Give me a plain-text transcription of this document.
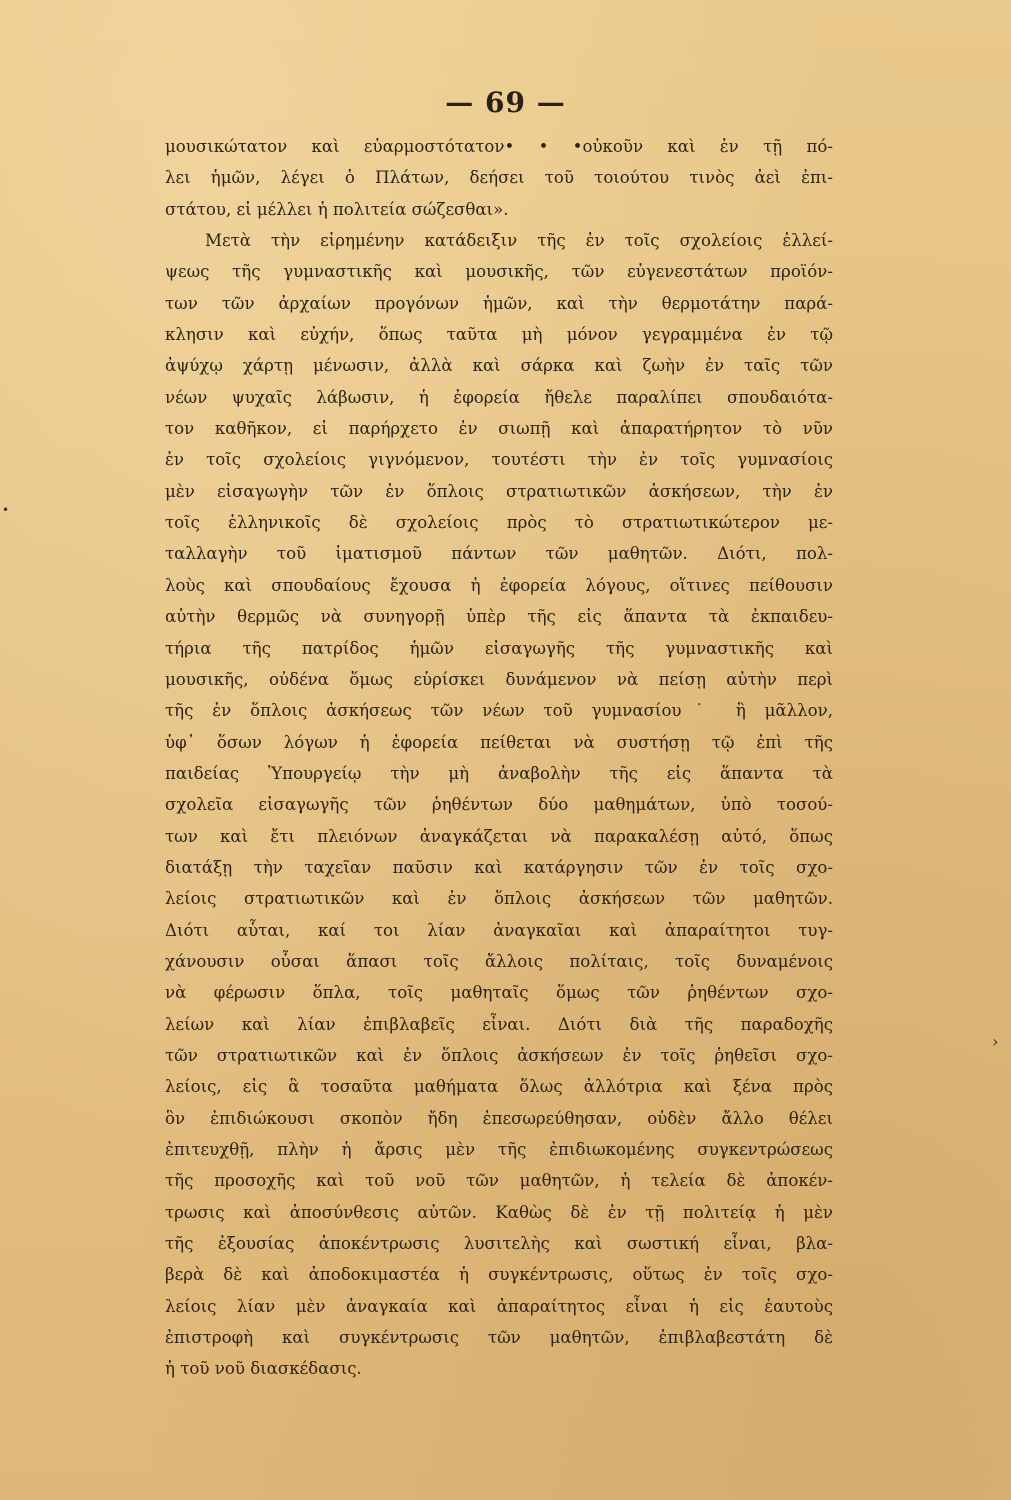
— 69 —
μουσικώτατον καὶ εὐαρμοστότατον• • •οὐκοῦν καὶ ἐν τῇ πό-
λει ἡμῶν, λέγει ὁ Πλάτων, δεήσει τοῦ τοιούτου τινὸς ἀεὶ ἐπι-
στάτου, εἰ μέλλει ἡ πολιτεία σώζεσθαι».
Μετὰ τὴν εἰρημένην κατάδειξιν τῆς ἐν τοῖς σχολείοις ἐλλεί-
ψεως τῆς γυμναστικῆς καὶ μουσικῆς, τῶν εὐγενεστάτων προϊόν-
των τῶν ἀρχαίων προγόνων ἡμῶν, καὶ τὴν θερμοτάτην παρά-
κλησιν καὶ εὐχήν, ὅπως ταῦτα μὴ μόνον γεγραμμένα ἐν τῷ
ἀψύχῳ χάρτῃ μένωσιν, ἀλλὰ καὶ σάρκα καὶ ζωὴν ἐν ταῖς τῶν
νέων ψυχαῖς λάβωσιν, ἡ ἐφορεία ἤθελε παραλίπει σπουδαιότα-
τον καθῆκον, εἰ παρήρχετο ἐν σιωπῇ καὶ ἀπαρατήρητον τὸ νῦν
ἐν τοῖς σχολείοις γιγνόμενον, τουτέστι τὴν ἐν τοῖς γυμνασίοις
μὲν εἰσαγωγὴν τῶν ἐν ὅπλοις στρατιωτικῶν ἀσκήσεων, τὴν ἐν
τοῖς ἑλληνικοῖς δὲ σχολείοις πρὸς τὸ στρατιωτικώτερον με-
ταλλαγὴν τοῦ ἱματισμοῦ πάντων τῶν μαθητῶν. Διότι, πολ-
λοὺς καὶ σπουδαίους ἔχουσα ἡ ἐφορεία λόγους, οἵτινες πείθουσιν
αὐτὴν θερμῶς νὰ συνηγορῇ ὑπὲρ τῆς εἰς ἅπαντα τὰ ἐκπαιδευ-
τήρια τῆς πατρίδος ἡμῶν εἰσαγωγῆς τῆς γυμναστικῆς καὶ
μουσικῆς, οὐδένα ὅμως εὑρίσκει δυνάμενον νὰ πείσῃ αὐτὴν περὶ
τῆς ἐν ὅπλοις ἀσκήσεως τῶν νέων τοῦ γυμνασίου˙ ἢ μᾶλλον,
ὑφ᾿ ὅσων λόγων ἡ ἐφορεία πείθεται νὰ συστήσῃ τῷ ἐπὶ τῆς
παιδείας Ὑπουργείῳ τὴν μὴ ἀναβολὴν τῆς εἰς ἅπαντα τὰ
σχολεῖα εἰσαγωγῆς τῶν ῥηθέντων δύο μαθημάτων, ὑπὸ τοσού-
των καὶ ἔτι πλειόνων ἀναγκάζεται νὰ παρακαλέσῃ αὐτό, ὅπως
διατάξῃ τὴν ταχεῖαν παῦσιν καὶ κατάργησιν τῶν ἐν τοῖς σχο-
λείοις στρατιωτικῶν καὶ ἐν ὅπλοις ἀσκήσεων τῶν μαθητῶν.
Διότι αὗται, καί τοι λίαν ἀναγκαῖαι καὶ ἀπαραίτητοι τυγ-
χάνουσιν οὖσαι ἅπασι τοῖς ἄλλοις πολίταις, τοῖς δυναμένοις
νὰ φέρωσιν ὅπλα, τοῖς μαθηταῖς ὅμως τῶν ῥηθέντων σχο-
λείων καὶ λίαν ἐπιβλαβεῖς εἶναι. Διότι διὰ τῆς παραδοχῆς
τῶν στρατιωτικῶν καὶ ἐν ὅπλοις ἀσκήσεων ἐν τοῖς ῥηθεῖσι σχο-
λείοις, εἰς ἃ τοσαῦτα μαθήματα ὅλως ἀλλότρια καὶ ξένα πρὸς
ὃν ἐπιδιώκουσι σκοπὸν ἤδη ἐπεσωρεύθησαν, οὐδὲν ἄλλο θέλει
ἐπιτευχθῇ, πλὴν ἡ ἄρσις μὲν τῆς ἐπιδιωκομένης συγκεντρώσεως
τῆς προσοχῆς καὶ τοῦ νοῦ τῶν μαθητῶν, ἡ τελεία δὲ ἀποκέν-
τρωσις καὶ ἀποσύνθεσις αὐτῶν. Καθὼς δὲ ἐν τῇ πολιτείᾳ ἡ μὲν
τῆς ἐξουσίας ἀποκέντρωσις λυσιτελὴς καὶ σωστική εἶναι, βλα-
βερὰ δὲ καὶ ἀποδοκιμαστέα ἡ συγκέντρωσις, οὕτως ἐν τοῖς σχο-
λείοις λίαν μὲν ἀναγκαία καὶ ἀπαραίτητος εἶναι ἡ εἰς ἑαυτοὺς
ἐπιστροφὴ καὶ συγκέντρωσις τῶν μαθητῶν, ἐπιβλαβεστάτη δὲ
ἡ τοῦ νοῦ διασκέδασις.
›
•
